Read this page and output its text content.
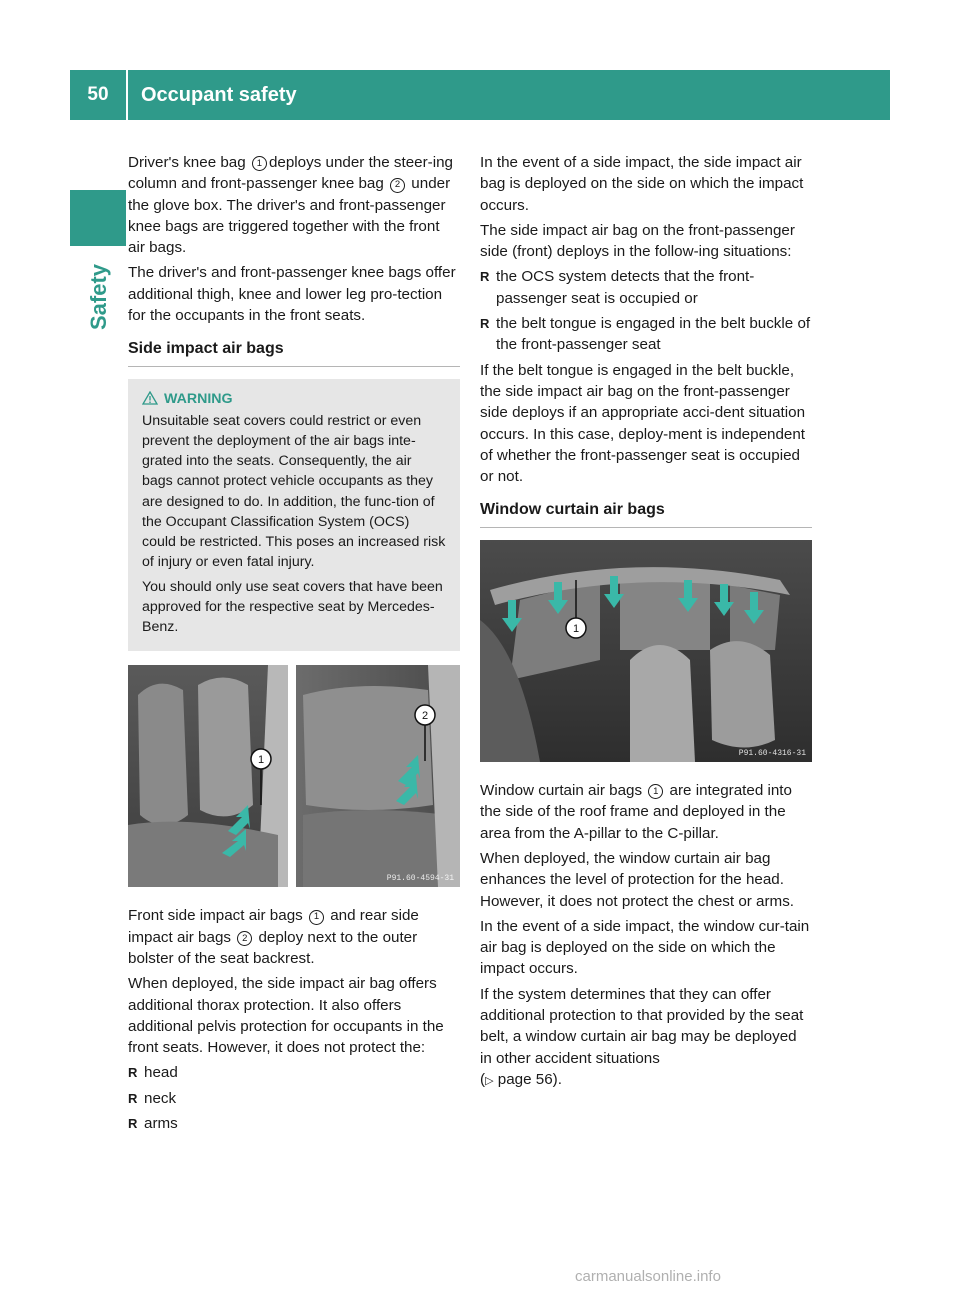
50	Occupant safety
Safety

Driver's knee bag 1 deploys under the steer-ing column and front-passenger knee bag 2 under the glove box. The driver's and front-passenger knee bags are triggered together with the front air bags.

The driver's and front-passenger knee bags offer additional thigh, knee and lower leg pro-tection for the occupants in the front seats.

Side impact air bags
WARNING

Unsuitable seat covers could restrict or even prevent the deployment of the air bags inte-grated into the seats. Consequently, the air bags cannot protect vehicle occupants as they are designed to do. In addition, the func-tion of the Occupant Classification System (OCS) could be restricted. This poses an increased risk of injury or even fatal injury.

You should only use seat covers that have been approved for the respective seat by Mercedes-Benz.

1
2
P91.60-4594-31

Front side impact air bags 1 and rear side impact air bags 2 deploy next to the outer bolster of the seat backrest.

When deployed, the side impact air bag offers additional thorax protection. It also offers additional pelvis protection for occupants in the front seats. However, it does not protect the:

R head
R neck
R arms

In the event of a side impact, the side impact air bag is deployed on the side on which the impact occurs.

The side impact air bag on the front-passenger side (front) deploys in the follow-ing situations:

R the OCS system detects that the front-passenger seat is occupied or
R the belt tongue is engaged in the belt buckle of the front-passenger seat

If the belt tongue is engaged in the belt buckle, the side impact air bag on the front-passenger side deploys if an appropriate acci-dent situation occurs. In this case, deploy-ment is independent of whether the front-passenger seat is occupied or not.

Window curtain air bags
1
P91.60-4316-31

Window curtain air bags 1 are integrated into the side of the roof frame and deployed in the area from the A-pillar to the C-pillar.

When deployed, the window curtain air bag enhances the level of protection for the head. However, it does not protect the chest or arms.

In the event of a side impact, the window cur-tain air bag is deployed on the side on which the impact occurs.

If the system determines that they can offer additional protection to that provided by the seat belt, a window curtain air bag may be deployed in other accident situations
(▷ page 56).

carmanualsonline.info
